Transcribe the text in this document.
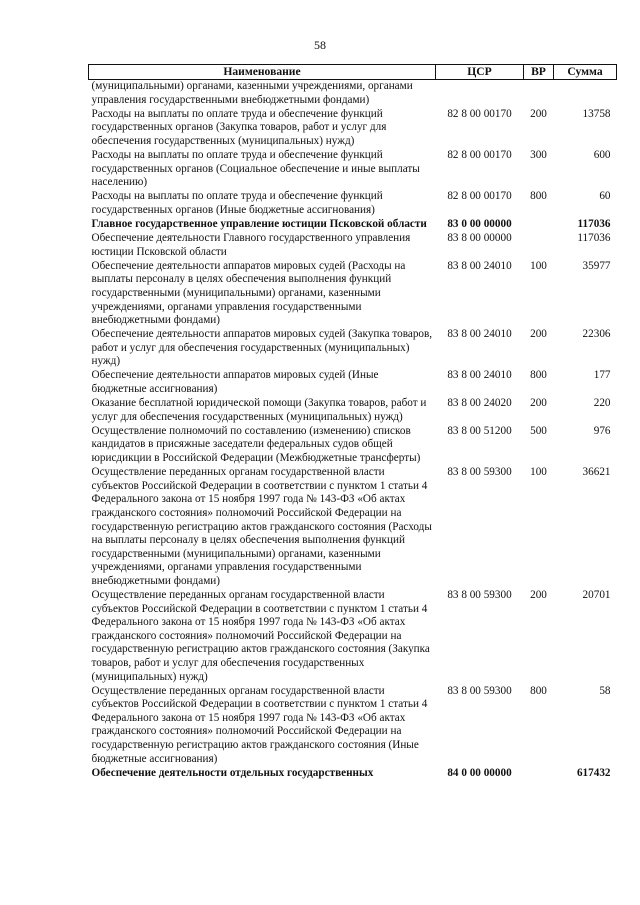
58
Наименование	ЦСР	ВР	Сумма
(муниципальными) органами, казенными учреждениями, органами управления государственными внебюджетными фондами)			
Расходы на выплаты по оплате труда и обеспечение функций государственных органов (Закупка товаров, работ и услуг для обеспечения государственных (муниципальных) нужд)	82 8 00 00170	200	13758
Расходы на выплаты по оплате труда и обеспечение функций государственных органов (Социальное обеспечение и иные выплаты населению)	82 8 00 00170	300	600
Расходы на выплаты по оплате труда и обеспечение функций государственных органов (Иные бюджетные ассигнования)	82 8 00 00170	800	60
Главное государственное управление юстиции Псковской области	83 0 00 00000		117036
Обеспечение деятельности Главного государственного управления юстиции Псковской области	83 8 00 00000		117036
Обеспечение деятельности аппаратов мировых судей (Расходы на выплаты персоналу в целях обеспечения выполнения функций государственными (муниципальными) органами, казенными учреждениями, органами управления государственными внебюджетными фондами)	83 8 00 24010	100	35977
Обеспечение деятельности аппаратов мировых судей (Закупка товаров, работ и услуг для обеспечения государственных (муниципальных) нужд)	83 8 00 24010	200	22306
Обеспечение деятельности аппаратов мировых судей (Иные бюджетные ассигнования)	83 8 00 24010	800	177
Оказание бесплатной юридической помощи (Закупка товаров, работ и услуг для обеспечения государственных (муниципальных) нужд)	83 8 00 24020	200	220
Осуществление полномочий по составлению (изменению) списков кандидатов в присяжные заседатели федеральных судов общей юрисдикции в Российской Федерации (Межбюджетные трансферты)	83 8 00 51200	500	976
Осуществление переданных органам государственной власти субъектов Российской Федерации в соответствии с пунктом 1 статьи 4 Федерального закона от 15 ноября 1997 года № 143-ФЗ «Об актах гражданского состояния» полномочий Российской Федерации на государственную регистрацию актов гражданского состояния (Расходы на выплаты персоналу в целях обеспечения выполнения функций государственными (муниципальными) органами, казенными учреждениями, органами управления государственными внебюджетными фондами)	83 8 00 59300	100	36621
Осуществление переданных органам государственной власти субъектов Российской Федерации в соответствии с пунктом 1 статьи 4 Федерального закона от 15 ноября 1997 года № 143-ФЗ «Об актах гражданского состояния» полномочий Российской Федерации на государственную регистрацию актов гражданского состояния (Закупка товаров, работ и услуг для обеспечения государственных (муниципальных) нужд)	83 8 00 59300	200	20701
Осуществление переданных органам государственной власти субъектов Российской Федерации в соответствии с пунктом 1 статьи 4 Федерального закона от 15 ноября 1997 года № 143-ФЗ «Об актах гражданского состояния» полномочий Российской Федерации на государственную регистрацию актов гражданского состояния (Иные бюджетные ассигнования)	83 8 00 59300	800	58
Обеспечение деятельности отдельных государственных	84 0 00 00000		617432
